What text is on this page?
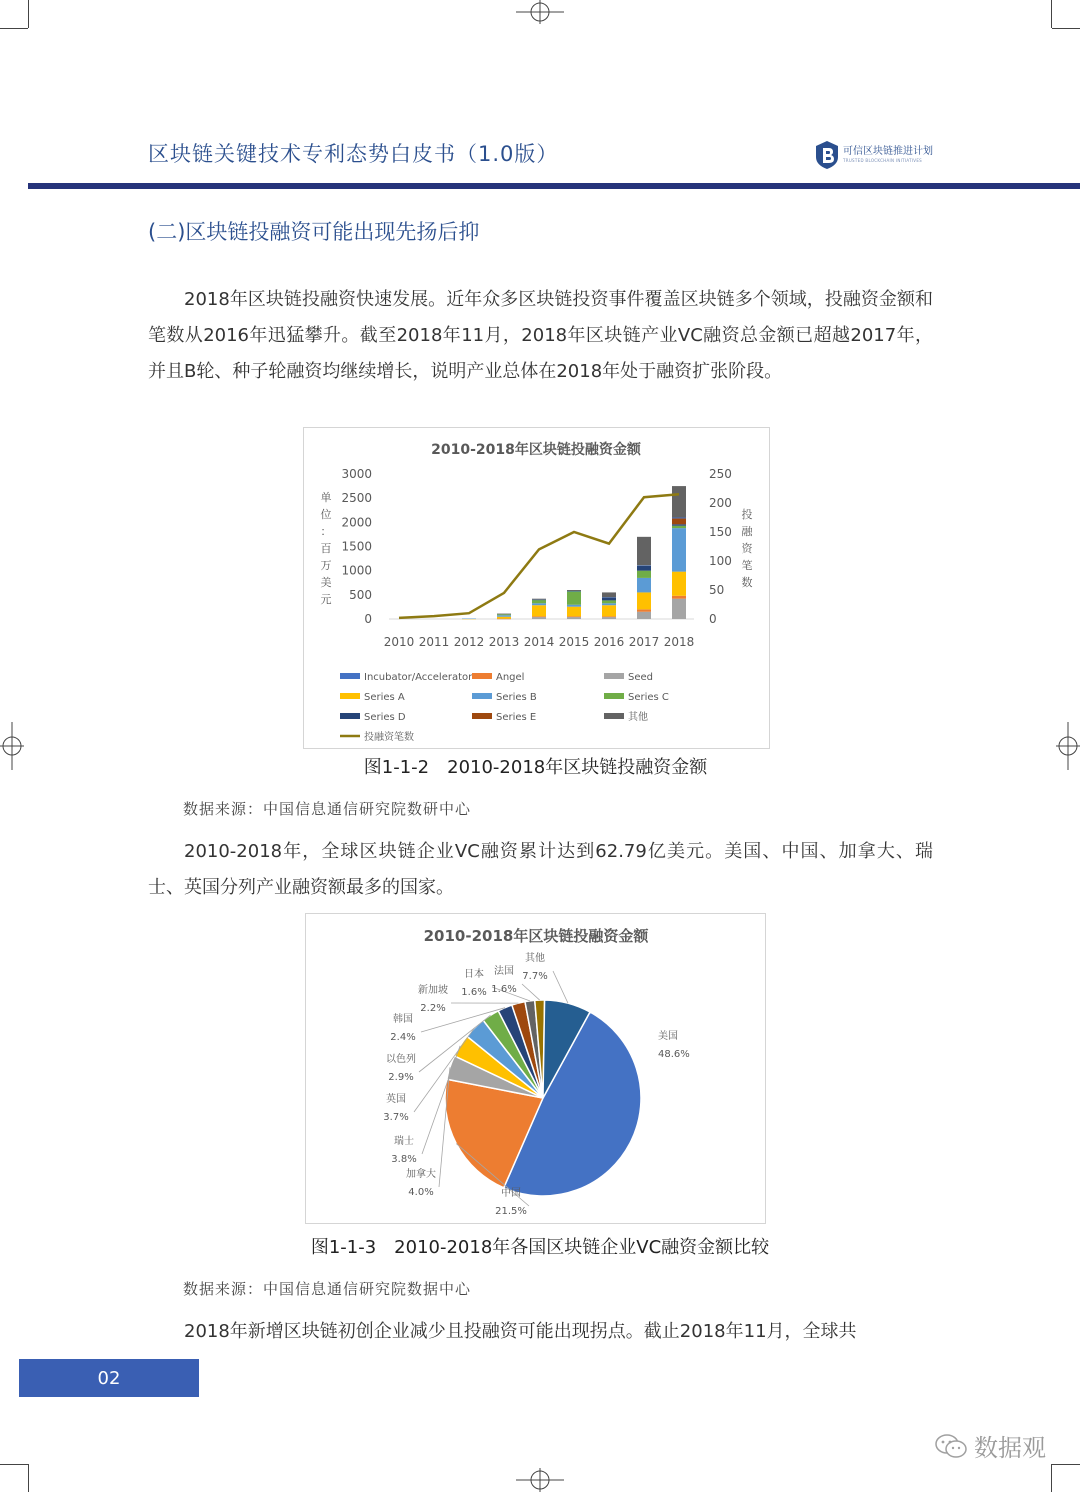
区块链关键技术专利态势白皮书（1.0版）	可信区块链推进计划
TRUSTED BLOCKCHAIN INITIATIVES
(二)区块链投融资可能出现先扬后抑

2018年区块链投融资快速发展。近年众多区块链投资事件覆盖区块链多个领域，投融资金额和笔数从2016年迅猛攀升。截至2018年11月，2018年区块链产业VC融资总金额已超越2017年，并且B轮、种子轮融资均继续增长，说明产业总体在2018年处于融资扩张阶段。

2010-2018年区块链投融资金额
3000
2500
2000
1500
1000
500
0
250
200
150
100
50
0
单
位
：
百
万
美
元
投
融
资
笔
数
2010 2011 2012 2013 2014 2015 2016 2017 2018
Incubator/Accelerator Angel	Seed
Series A	Series B	Series C
Series D	Series E	其他
投融资笔数
图1-1-2　2010-2018年区块链投融资金额
数据来源：中国信息通信研究院数研中心

2010-2018年，全球区块链企业VC融资累计达到62.79亿美元。美国、中国、加拿大、瑞士、英国分列产业融资额最多的国家。

2010-2018年区块链投融资金额
美国
48.6%
中国
21.5%
加拿大
4.0%
瑞士
3.8%
英国
3.7%
以色列
2.9%
韩国
2.4%
新加坡
2.2%
日本
1.6%
法国
1.6%
其他
7.7%
图1-1-3　2010-2018年各国区块链企业VC融资金额比较
数据来源：中国信息通信研究院数据中心

2018年新增区块链初创企业减少且投融资可能出现拐点。截止2018年11月，全球共

02
数据观
